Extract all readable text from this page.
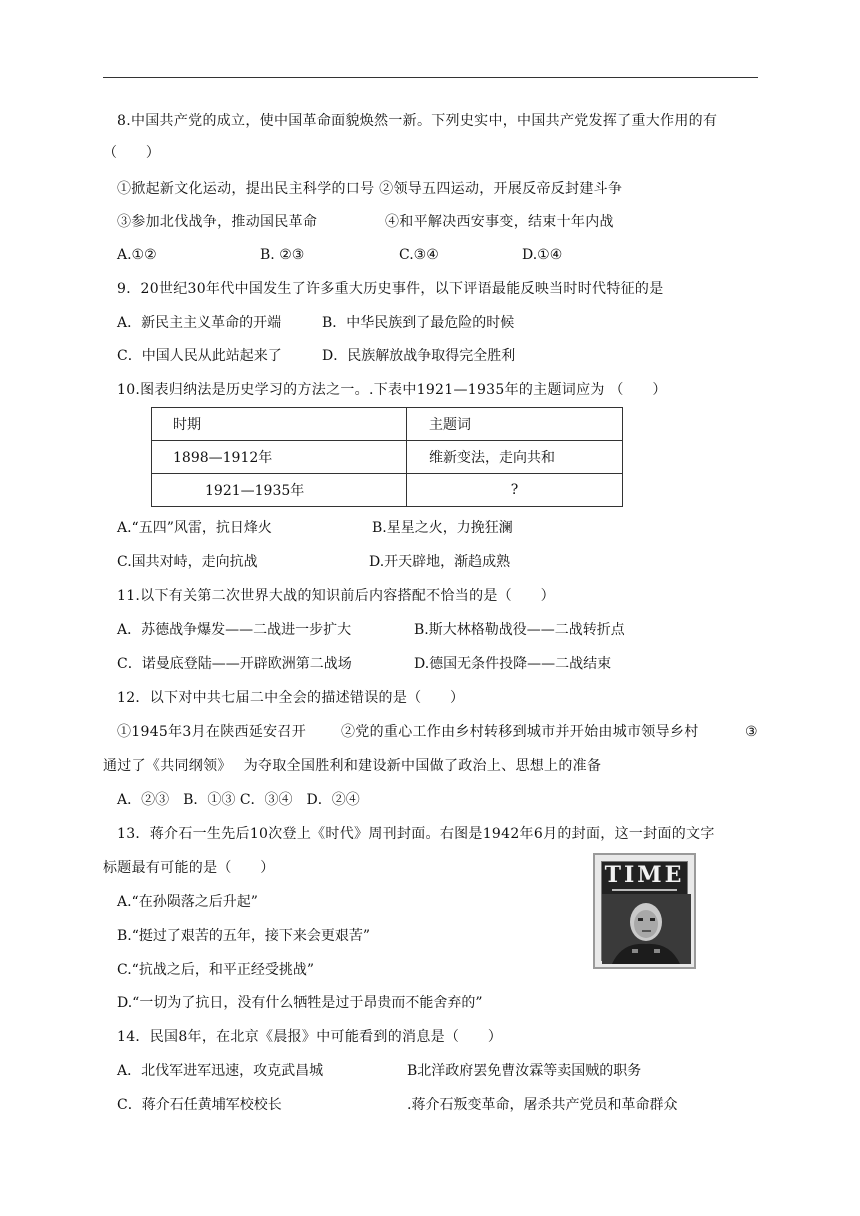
8.中国共产党的成立，使中国革命面貌焕然一新。下列史实中，中国共产党发挥了重大作用的有
（　　）
①掀起新文化运动，提出民主科学的口号 ②领导五四运动，开展反帝反封建斗争
③参加北伐战争，推动国民革命	④和平解决西安事变，结束十年内战
A.①②	B. ②③	C.③④	D.①④
9．20世纪30年代中国发生了许多重大历史事件，以下评语最能反映当时时代特征的是
A．新民主主义革命的开端	B．中华民族到了最危险的时候
C．中国人民从此站起来了	D．民族解放战争取得完全胜利
10.图表归纳法是历史学习的方法之一。.下表中1921—1935年的主题词应为 （　　）
时期	主题词
1898—1912年	维新变法，走向共和
1921—1935年	?
A.“五四”风雷，抗日烽火	B.星星之火，力挽狂澜
C.国共对峙，走向抗战	D.开天辟地，渐趋成熟
11.以下有关第二次世界大战的知识前后内容搭配不恰当的是（　　）
A．苏德战争爆发——二战进一步扩大	B.斯大林格勒战役——二战转折点
C．诺曼底登陆——开辟欧洲第二战场	D.德国无条件投降——二战结束
12．以下对中共七届二中全会的描述错误的是（　　）
①1945年3月在陕西延安召开 ②党的重心工作由乡村转移到城市并开始由城市领导乡村	③
通过了《共同纲领》　 为夺取全国胜利和建设新中国做了政治上、思想上的准备
A．②③　B．①③ C．③④　D．②④
13．蒋介石一生先后10次登上《时代》周刊封面。右图是1942年6月的封面，这一封面的文字
标题最有可能的是（　　）
A.“在孙陨落之后升起”
B.“挺过了艰苦的五年，接下来会更艰苦”
C.“抗战之后，和平正经受挑战”
D.“一切为了抗日，没有什么牺牲是过于昂贵而不能舍弃的”
TIME
14．民国8年，在北京《晨报》中可能看到的消息是（　　）
A．北伐军进军迅速，攻克武昌城	B北洋政府罢免曹汝霖等卖国贼的职务
C．蒋介石任黄埔军校校长	.蒋介石叛变革命，屠杀共产党员和革命群众
